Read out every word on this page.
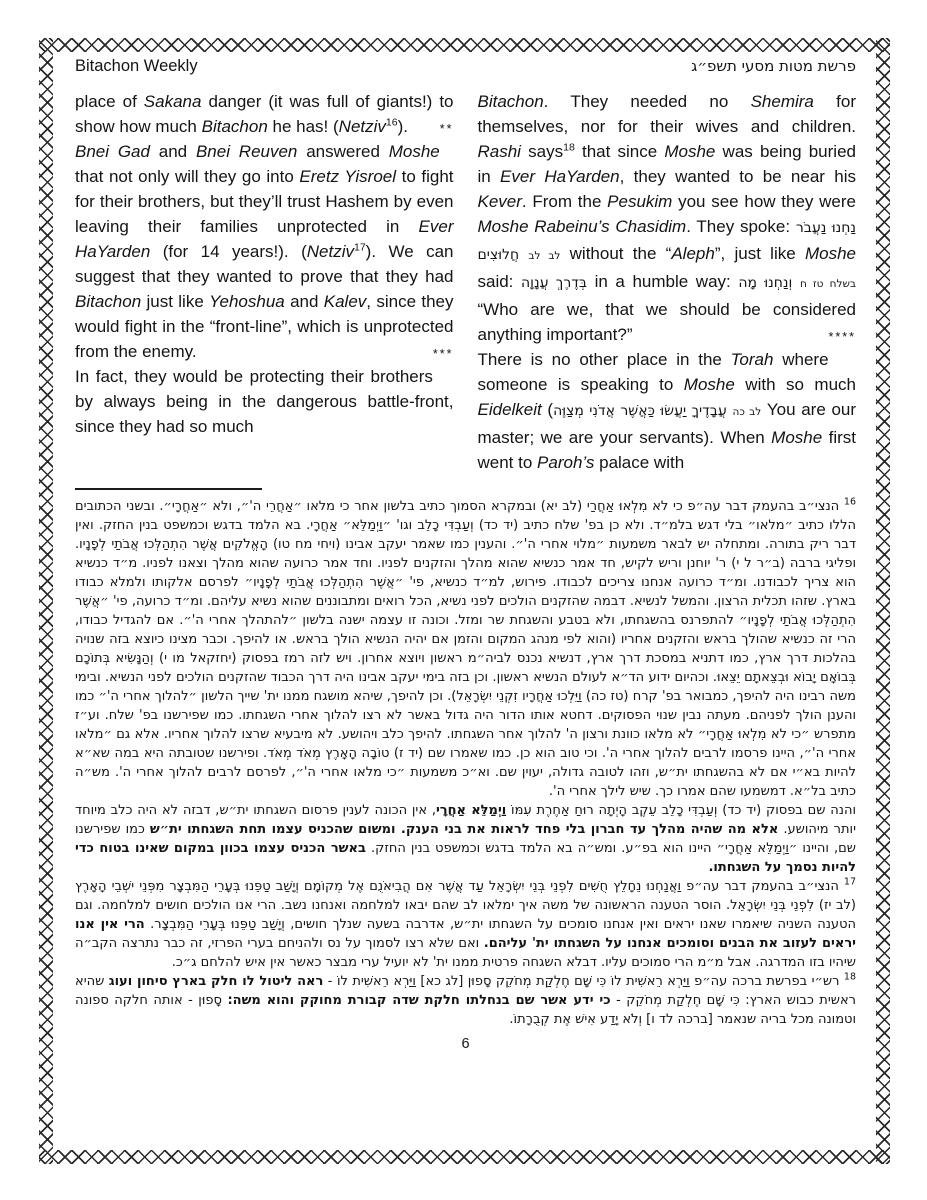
Bitachon Weekly	פרשת מטות מסעי תשפ״ג

place of Sakana danger (it was full of giants!) to show how much Bitachon he has! (Netziv$^{16}$).	**

Bnei Gad and Bnei Reuven answered Moshe that not only will they go into Eretz Yisroel to fight for their brothers, but they’ll trust Hashem by even leaving their families unprotected in Ever HaYarden (for 14 years!). (Netziv$^{17}$). We can suggest that they wanted to prove that they had Bitachon just like Yehoshua and Kalev, since they would fight in the “front-line”, which is unprotected from the enemy.	***

In fact, they would be protecting their brothers by always being in the dangerous battle-front, since they had so much

Bitachon. They needed no Shemira for themselves, nor for their wives and children. Rashi says$^{18}$ that since Moshe was being buried in Ever HaYarden, they wanted to be near his Kever. From the Pesukim you see how they were Moshe Rabeinu’s Chasidim. They spoke: נַחְנוּ נַעֲבֹר חֲלוּצִים לב לב without the “Aleph”, just like Moshe said: בְּדֶרֶךְ עֲנָוָה in a humble way: וְנַחְנוּ מָה בשלח טז ח “Who are we, that we should be considered anything important?”	****

There is no other place in the Torah where someone is speaking to Moshe with so much Eidelkeit (עֲבָדֶיךָ יַעֲשׂוּ כַּאֲשֶׁר אֲדֹנִי מְצַוֶּה לב כה You are our master; we are your servants). When Moshe first went to Paroh’s palace with

$^{16}$ הנצי״ב בהעמק דבר עה״פ כי לא מִלְאוּ אַחֲרַי (לב יא) ובמקרא הסמוך כתיב בלשון אחר כי מלאו ״אַחֲרֵי ה'״, ולא ״אַחֲרָי״. ובשני הכתובים הללו כתיב ״מלאו״ בלי דגש בלמ״ד. ולא כן בפ' שלח כתיב (יד כד) וְעַבְדִּי כָלֵב וגו' ״וַיְמַלֵּא״ אַחֲרָי. בא הלמד בדגש וכמשפט בנין החזק. ואין דבר ריק בתורה. ומתחלה יש לבאר משמעות ״מלוי אחרי ה'״. והענין כמו שאמר יעקב אבינו (ויחי מח טו) הָאֱלֹקִים אֲשֶׁר הִתְהַלְּכוּ אֲבֹתַי לְפָנָיו. ופליגי ברבה (ב״ר ל י) ר' יוחנן וריש לקיש, חד אמר כנשיא שהוא מהלך והזקנים לפניו. וחד אמר כרועה שהוא מהלך וצאנו לפניו. מ״ד כנשיא הוא צריך לכבודנו. ומ״ד כרועה אנחנו צריכים לכבודו. פירוש, למ״ד כנשיא, פי' ״אֲשֶׁר הִתְהַלְּכוּ אֲבֹתַי לְפָנָיו״ לפרסם אלקותו ולמלא כבודו בארץ. שזהו תכלית הרצון. והמשל לנשיא. דבמה שהזקנים הולכים לפני נשיא, הכל רואים ומתבוננים שהוא נשיא עליהם. ומ״ד כרועה, פי' ״אֲשֶׁר הִתְהַלְּכוּ אֲבֹתַי לְפָנָיו״ להתפרנס בהשגחתו, ולא בטבע והשגחת שר ומזל. וכונה זו עצמה ישנה בלשון ״להתהלך אחרי ה'״. אם להגדיל כבודו, הרי זה כנשיא שהולך בראש והזקנים אחריו (והוא לפי מנהג המקום והזמן אם יהיה הנשיא הולך בראש. או להיפך. וכבר מצינו כיוצא בזה שנויה בהלכות דרך ארץ, כמו דתניא במסכת דרך ארץ, דנשיא נכנס לביה״מ ראשון ויוצא אחרון. ויש לזה רמז בפסוק (יחזקאל מו י) וְהַנָּשִׂיא בְּתוֹכָם בְּבוֹאָם יָבוֹא וּבְצֵאתָם יֵצֵאוּ. וכהיום ידוע הד״א לעולם הנשיא ראשון. וכן בזה בימי יעקב אבינו היה דרך הכבוד שהזקנים הולכים לפני הנשיא. ובימי משה רבינו היה להיפך, כמבואר בפ' קרח (טז כה) וַיֵּלְכוּ אַחֲרָיו זִקְנֵי יִשְׂרָאֵל). וכן להיפך, שיהא מושגח ממנו ית' שייך הלשון ״להלוך אחרי ה'״ כמו והענן הולך לפניהם. מעתה נבין שנוי הפסוקים. דחטא אותו הדור היה גדול באשר לא רצו להלוך אחרי השגחתו. כמו שפירשנו בפ' שלח. וע״ז מתפרש ״כי לא מִלְאוּ אַחֲרָי״ לא מלאו כוונת ורצון ה' להלוך אחר השגחתו. להיפך כלב ויהושע. לא מיבעיא שרצו להלוך אחריו. אלא גם ״מלאו אחרי ה'״, היינו פרסמו לרבים להלוך אחרי ה'. וכי טוב הוא כן. כמו שאמרו שם (יד ז) טוֹבָה הָאָרֶץ מְאֹד מְאֹד. ופירשנו שטובתה היא במה שא״א להיות בא״י אם לא בהשגחתו ית״ש, וזהו לטובה גדולה, יעוין שם. וא״כ משמעות ״כי מלאו אחרי ה'״, לפרסם לרבים להלוך אחרי ה'. מש״ה כתיב בל״א. דמשמעו שהם אמרו כך. שיש לילך אחרי ה'.

והנה שם בפסוק (יד כד) וְעַבְדִּי כָלֵב עֵקֶב הָיְתָה רוּחַ אַחֶרֶת עִמּוֹ וַיְמַלֵּא אַחֲרָי, אין הכונה לענין פרסום השגחתו ית״ש, דבזה לא היה כלב מיוחד יותר מיהושע. אלא מה שהיה מהלך עד חברון בלי פחד לראות את בני הענק. ומשום שהכניס עצמו תחת השגחתו ית״ש כמו שפירשנו שם, והיינו ״וַיְמַלֵּא אַחֲרָי״ היינו הוא בפ״ע. ומש״ה בא הלמד בדגש וכמשפט בנין החזק. באשר הכניס עצמו בכוון במקום שאינו בטוח כדי להיות נסמך על השגחתו.

$^{17}$ הנצי״ב בהעמק דבר עה״פ וַאֲנַחְנוּ נֵחָלֵץ חֻשִׁים לִפְנֵי בְּנֵי יִשְׂרָאֵל עַד אֲשֶׁר אִם הֲבִיאֹנֻם אֶל מְקוֹמָם וְיָשַׁב טַפֵּנוּ בְּעָרֵי הַמִּבְצָר מִפְּנֵי ישְׁבֵי הָאָרֶץ (לב יז) לִפְנֵי בְּנֵי יִשְׂרָאֵל. הוסר הטענה הראשונה של משה איך ימלאו לב שהם יבאו למלחמה ואנחנו נשב. הרי אנו הולכים חושים למלחמה. וגם הטענה השניה שיאמרו שאנו יראים ואין אנחנו סומכים על השגחתו ית״ש, אדרבה בשעה שנלך חושים, וְיָשַׁב טַפֵּנוּ בְּעָרֵי הַמִּבְצָר. הרי אין אנו יראים לעזוב את הבנים וסומכים אנחנו על השגחתו ית' עליהם. ואם שלא רצו לסמוך על נס ולהניחם בערי הפרזי, זה כבר נתרצה הקב״ה שיהיו בזו המדרגה. אבל מ״מ הרי סמוכים עליו. דבלא השגחה פרטית ממנו ית' לא יועיל ערי מבצר כאשר אין איש להלחם ג״כ.

$^{18}$ רש״י בפרשת ברכה עה״פ וַיַּרְא רֵאשִׁית לוֹ כִּי שָׁם חֶלְקַת מְחֹקֵק סָפוּן [לג כא] וַיַּרְא רֵאשִׁית לוֹ - ראה ליטול לו חלק בארץ סיחון ועוג שהיא ראשית כבוש הארץ: כִּי שָׁם חֶלְקַת מְחֹקֵק - כי ידע אשר שם בנחלתו חלקת שדה קבורת מחוקק והוא משה: סָפוּן - אותה חלקה ספונה וטמונה מכל בריה שנאמר [ברכה לד ו] וְלֹא יָדַע אִישׁ אֶת קְבֻרָתוֹ.

6
